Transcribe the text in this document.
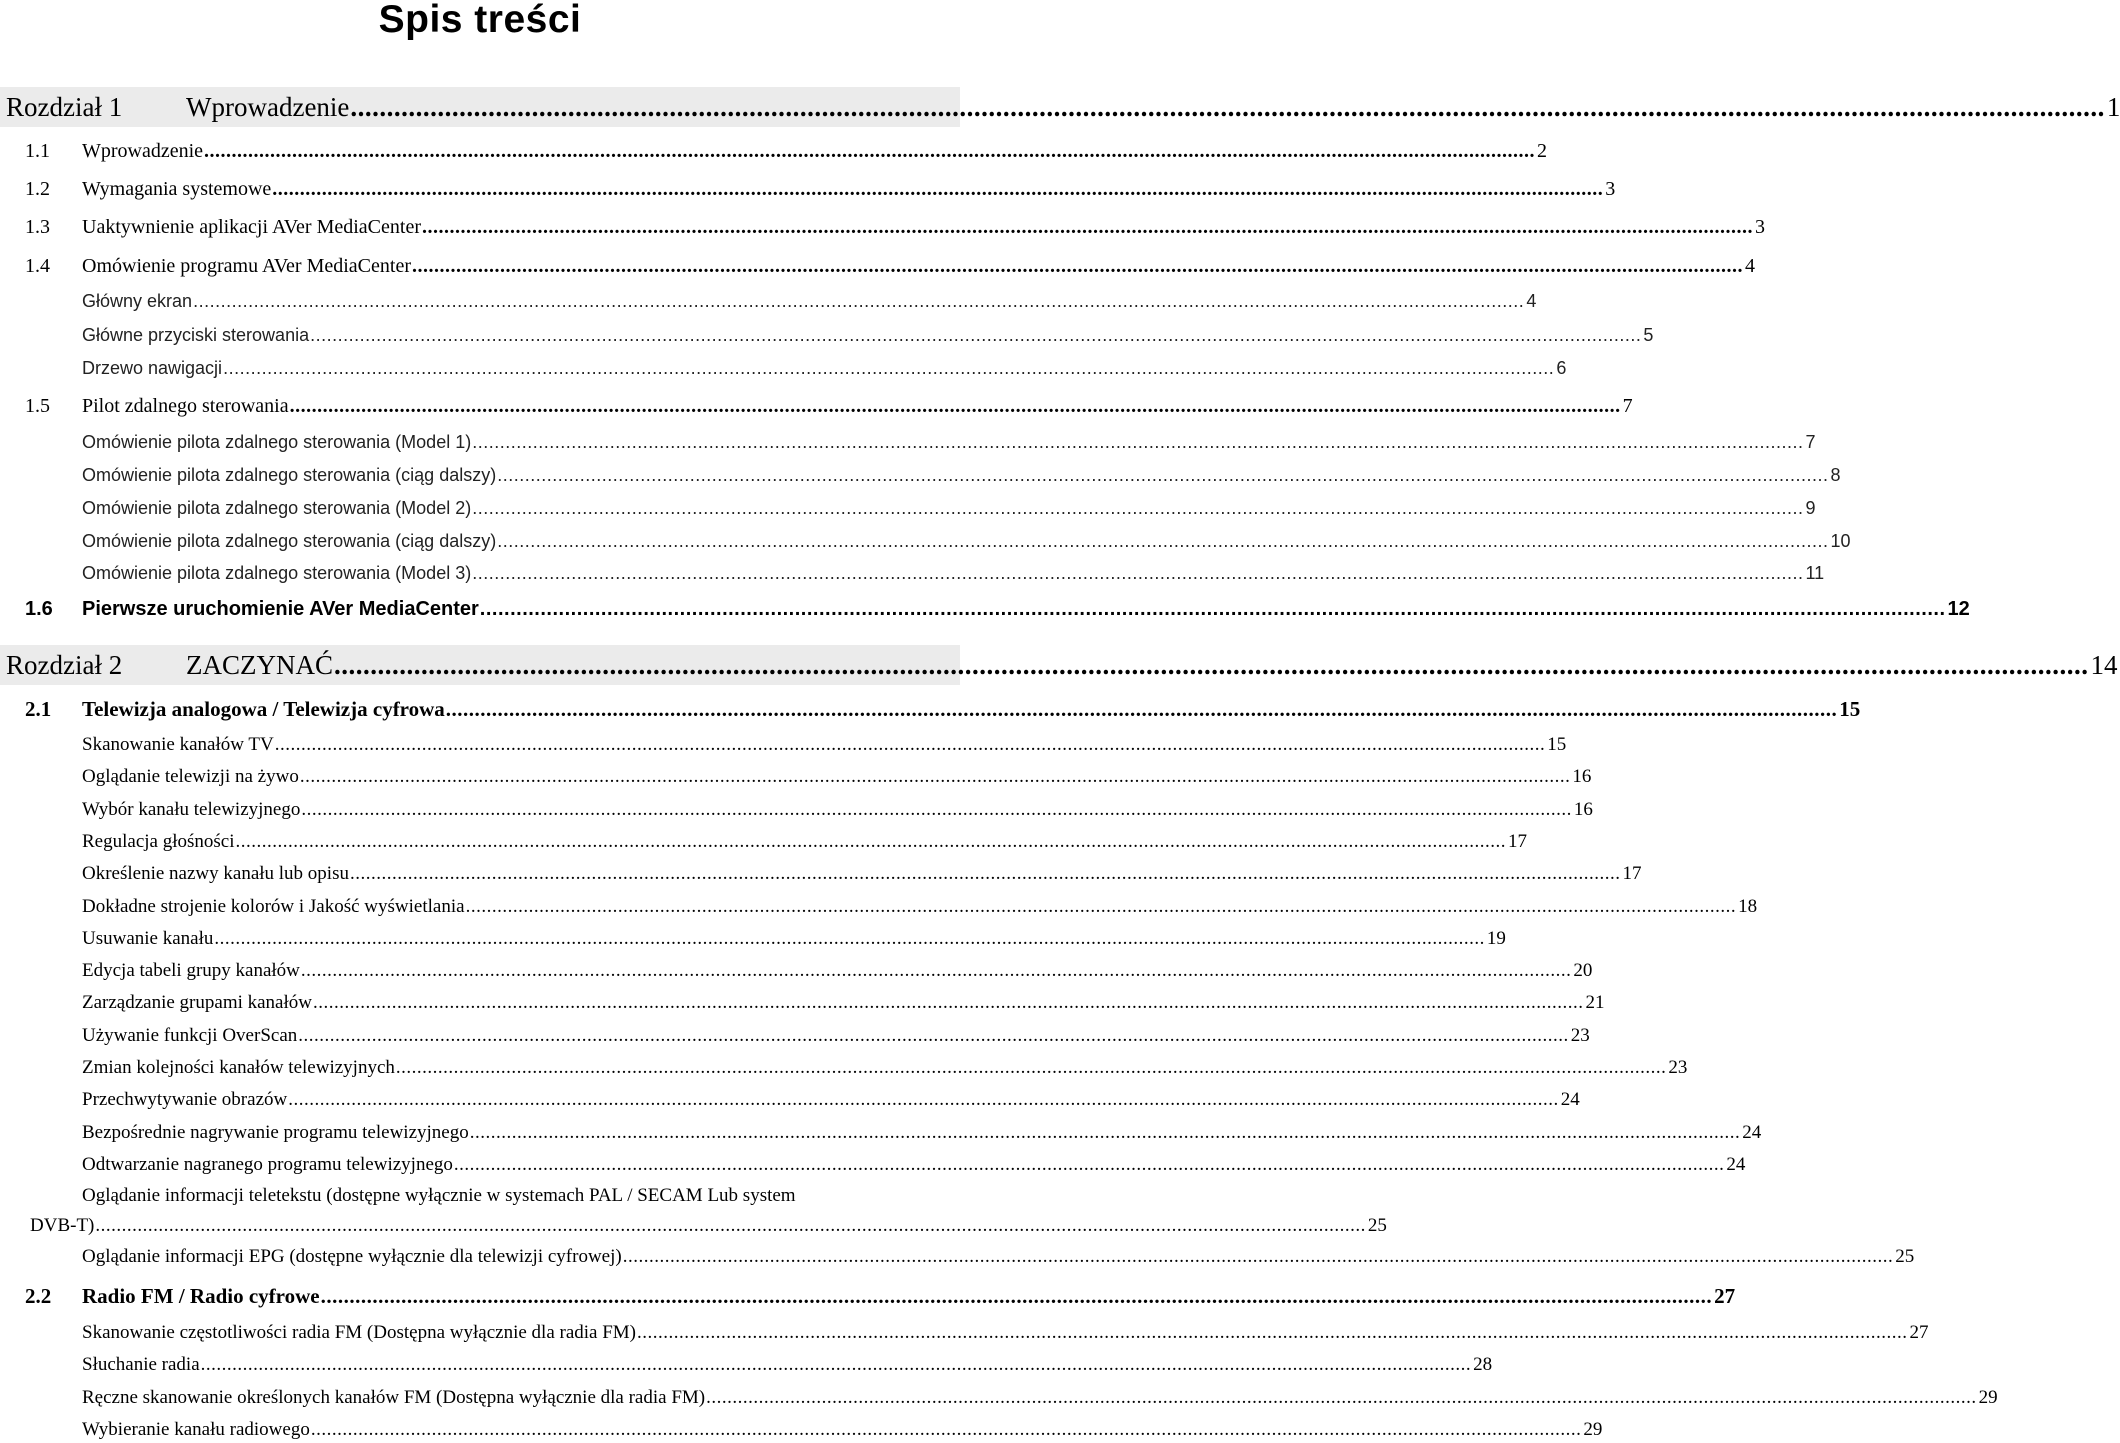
Spis treści
Rozdział 1	Wprowadzenie .....	1
1.1	Wprowadzenie .....	2
1.2	Wymagania systemowe .....	3
1.3	Uaktywnienie aplikacji AVer MediaCenter .....	3
1.4	Omówienie programu AVer MediaCenter .....	4
Główny ekran .....	4
Główne przyciski sterowania .....	5
Drzewo nawigacji .....	6
1.5	Pilot zdalnego sterowania .....	7
Omówienie pilota zdalnego sterowania (Model 1) .....	7
Omówienie pilota zdalnego sterowania (ciąg dalszy) .....	8
Omówienie pilota zdalnego sterowania (Model 2) .....	9
Omówienie pilota zdalnego sterowania (ciąg dalszy) .....	10
Omówienie pilota zdalnego sterowania (Model 3) .....	11
1.6	Pierwsze uruchomienie AVer MediaCenter .....	12
Rozdział 2	ZACZYNAĆ .....	14
2.1	Telewizja analogowa / Telewizja cyfrowa .....	15
Skanowanie kanałów TV .....	15
Oglądanie telewizji na żywo .....	16
Wybór kanału telewizyjnego .....	16
Regulacja głośności .....	17
Określenie nazwy kanału lub opisu .....	17
Dokładne strojenie kolorów i Jakość wyświetlania .....	18
Usuwanie kanału .....	19
Edycja tabeli grupy kanałów .....	20
Zarządzanie grupami kanałów .....	21
Używanie funkcji OverScan .....	23
Zmian kolejności kanałów telewizyjnych .....	23
Przechwytywanie obrazów .....	24
Bezpośrednie nagrywanie programu telewizyjnego .....	24
Odtwarzanie nagranego programu telewizyjnego .....	24
Oglądanie informacji teletekstu (dostępne wyłącznie w systemach PAL / SECAM Lub system
DVB-T) .....	25
Oglądanie informacji EPG (dostępne wyłącznie dla telewizji cyfrowej) .....	25
2.2	Radio FM / Radio cyfrowe .....	27
Skanowanie częstotliwości radia FM (Dostępna wyłącznie dla radia FM) .....	27
Słuchanie radia .....	28
Ręczne skanowanie określonych kanałów FM (Dostępna wyłącznie dla radia FM) .....	29
Wybieranie kanału radiowego .....	29
